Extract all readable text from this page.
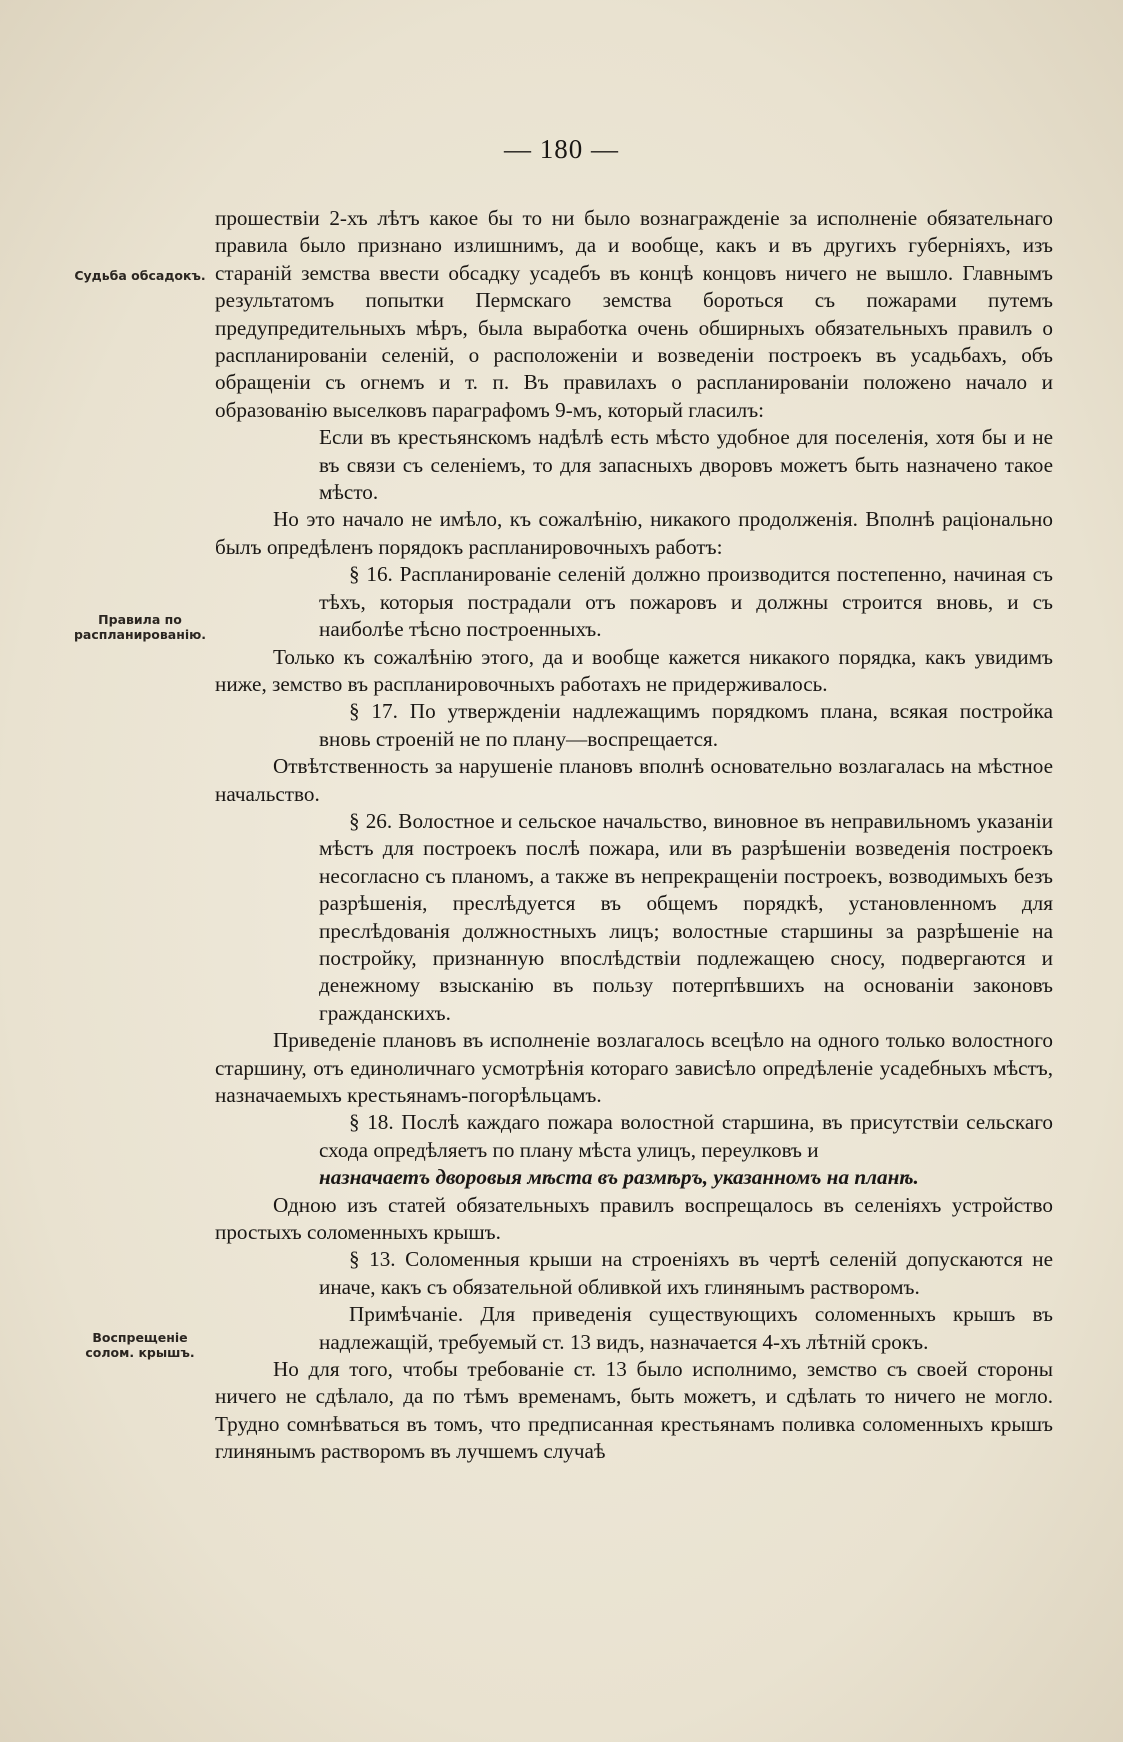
— 180 —
Судьба обсадокъ.
Правила по распланированію.
Воспрещеніе солом. крышъ.

прошествіи 2-хъ лѣтъ какое бы то ни было вознагражденіе за исполненіе обязательнаго правила было признано излишнимъ, да и вообще, какъ и въ другихъ губерніяхъ, изъ стараній земства ввести обсадку усадебъ въ концѣ концовъ ничего не вышло. Главнымъ результатомъ попытки Пермскаго земства бороться съ пожарами путемъ предупредительныхъ мѣръ, была выработка очень обширныхъ обязательныхъ правилъ о распланированіи селеній, о расположеніи и возведеніи построекъ въ усадьбахъ, объ обращеніи съ огнемъ и т. п. Въ правилахъ о распланированіи положено начало и образованію выселковъ параграфомъ 9-мъ, который гласилъ:

Если въ крестьянскомъ надѣлѣ есть мѣсто удобное для поселенія, хотя бы и не въ связи съ селеніемъ, то для запасныхъ дворовъ можетъ быть назначено такое мѣсто.

Но это начало не имѣло, къ сожалѣнію, никакого продолженія. Вполнѣ раціонально былъ опредѣленъ порядокъ распланировочныхъ работъ:

§ 16. Распланированіе селеній должно производится постепенно, начиная съ тѣхъ, которыя пострадали отъ пожаровъ и должны строится вновь, и съ наиболѣе тѣсно построенныхъ.

Только къ сожалѣнію этого, да и вообще кажется никакого порядка, какъ увидимъ ниже, земство въ распланировочныхъ работахъ не придерживалось.

§ 17. По утвержденіи надлежащимъ порядкомъ плана, всякая постройка вновь строеній не по плану—воспрещается.

Отвѣтственность за нарушеніе плановъ вполнѣ основательно возлагалась на мѣстное начальство.

§ 26. Волостное и сельское начальство, виновное въ неправильномъ указаніи мѣстъ для построекъ послѣ пожара, или въ разрѣшеніи возведенія построекъ несогласно съ планомъ, а также въ непрекращеніи построекъ, возводимыхъ безъ разрѣшенія, преслѣдуется въ общемъ порядкѣ, установленномъ для преслѣдованія должностныхъ лицъ; волостные старшины за разрѣшеніе на постройку, признанную впослѣдствіи подлежащею сносу, подвергаются и денежному взысканію въ пользу потерпѣвшихъ на основаніи законовъ гражданскихъ.

Приведеніе плановъ въ исполненіе возлагалось всецѣло на одного только волостного старшину, отъ единоличнаго усмотрѣнія котораго зависѣло опредѣленіе усадебныхъ мѣстъ, назначаемыхъ крестьянамъ-погорѣльцамъ.

§ 18. Послѣ каждаго пожара волостной старшина, въ присутствіи сельскаго схода опредѣляетъ по плану мѣста улицъ, переулковъ и

назначаетъ дворовыя мѣста въ размѣръ, указанномъ на планѣ.

Одною изъ статей обязательныхъ правилъ воспрещалось въ селеніяхъ устройство простыхъ соломенныхъ крышъ.

§ 13. Соломенныя крыши на строеніяхъ въ чертѣ селеній допускаются не иначе, какъ съ обязательной обливкой ихъ глинянымъ растворомъ.

Примѣчаніе. Для приведенія существующихъ соломенныхъ крышъ въ надлежащій, требуемый ст. 13 видъ, назначается 4-хъ лѣтній срокъ.

Но для того, чтобы требованіе ст. 13 было исполнимо, земство съ своей стороны ничего не сдѣлало, да по тѣмъ временамъ, быть можетъ, и сдѣлать то ничего не могло. Трудно сомнѣваться въ томъ, что предписанная крестьянамъ поливка соломенныхъ крышъ глинянымъ растворомъ въ лучшемъ случаѣ
